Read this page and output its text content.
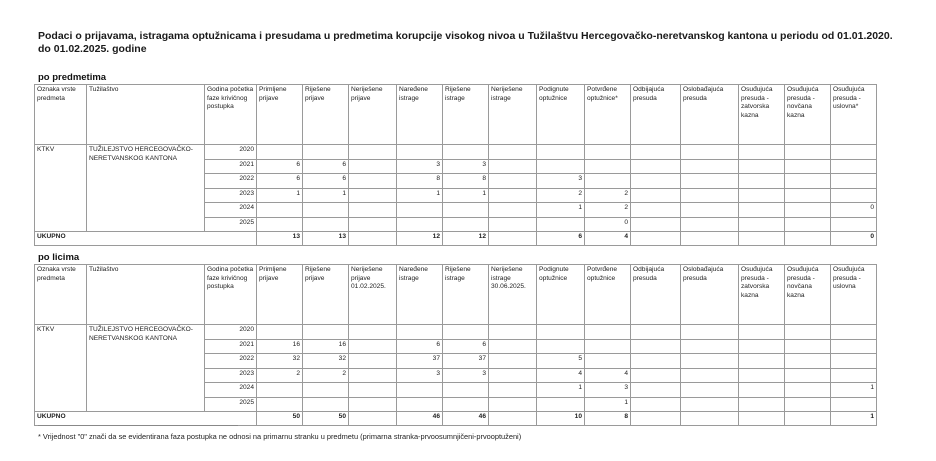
Podaci o prijavama, istragama optužnicama i presudama u predmetima korupcije visokog nivoa u Tužilaštvu Hercegovačko-neretvanskog kantona u periodu od 01.01.2020. do 01.02.2025. godine
po predmetima
Oznaka vrste predmeta	Tužilaštvo	Godina početka faze krivičnog postupka	Primljene prijave	Riješene prijave	Neriješene prijave	Naređene istrage	Riješene istrage	Neriješene istrage	Podignute optužnice	Potvrđene optužnice*	Odbijajuća presuda	Oslobađajuća presuda	Osuđujuća presuda - zatvorska kazna	Osuđujuća presuda - novčana kazna	Osuđujuća presuda - uslovna*
KTKV	TUŽILEJSTVO HERCEGOVAČKO-NERETVANSKOG KANTONA	2020													
		2021	6	6		3	3								
		2022	6	6		8	8		3						
		2023	1	1		1	1		2	2					
		2024							1	2					0
		2025								0					
UKUPNO			13	13		12	12		6	4					0
po licima
Oznaka vrste predmeta	Tužilaštvo	Godina početka faze krivičnog postupka	Primljene prijave	Riješene prijave	Neriješene prijave 01.02.2025.	Naređene istrage	Riješene istrage	Neriješene istrage 30.06.2025.	Podignute optužnice	Potvrđene optužnice	Odbijajuća presuda	Oslobađajuća presuda	Osuđujuća presuda - zatvorska kazna	Osuđujuća presuda - novčana kazna	Osuđujuća presuda - uslovna
KTKV	TUŽILEJSTVO HERCEGOVAČKO-NERETVANSKOG KANTONA	2020													
		2021	16	16		6	6								
		2022	32	32		37	37		5						
		2023	2	2		3	3		4	4					
		2024							1	3					1
		2025								1					
UKUPNO			50	50		46	46		10	8					1
* Vrijednost "0" znači da se evidentirana faza postupka ne odnosi na primarnu stranku u predmetu (primarna stranka-prvoosumnjičeni-prvooptuženi)
